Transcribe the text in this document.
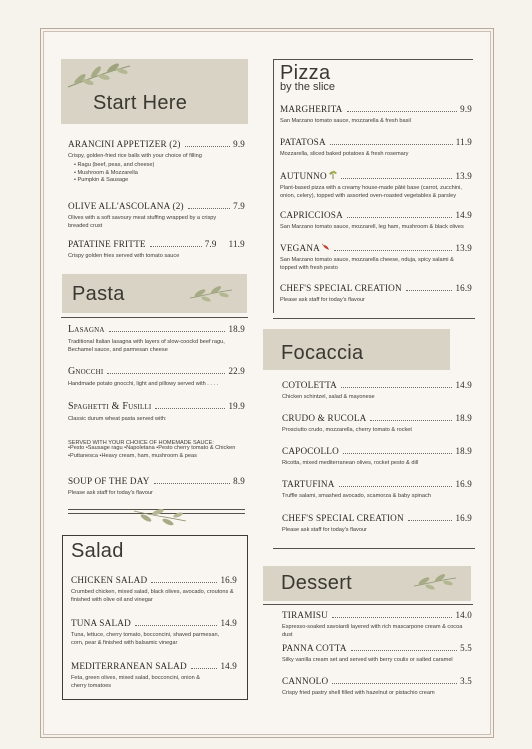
Start Here
ARANCINI APPETIZER (2)	9.9
Crispy, golden-fried rice balls with your choice of filling
• Ragu (beef, peas, and cheese)
• Mushroom & Mozzarella
• Pumpkin & Sausage
OLIVE ALL'ASCOLANA (2)	7.9
Olives with a soft savoury meat stuffing wrapped by a crispy breaded crust
PATATINE FRITTE	7.9 11.9
Crispy golden fries served with tomato sauce
Pasta
Lasagna	18.9
Traditional Italian lasagna with layers of slow-coockd beef ragu, Bechamel sauce, and parmesan cheese
Gnocchi	22.9
Handmade potato gnocchi, light and pillowy served with . . . .
Spaghetti & Fusilli	19.9
Classic durum wheat pasta served with:
SERVED WITH YOUR CHOICE OF HOMEMADE SAUCE:
•Pesto •Sausage ragu •Napoletana •Pesto cherry tomato & Chicken
•Puttanesca •Heavy cream, ham, mushroom & peas
SOUP OF THE DAY	8.9
Please ask staff for today's flavour
Salad
CHICKEN SALAD	16.9
Crumbed chicken, mixed salad, black olives, avocado, croutons & finished with olive oil and vinegar
TUNA SALAD	14.9
Tuna, lettuce, cherry tomato, bocconcini, shaved parmesan, corn, pear & finished with balsamic vinegar
MEDITERRANEAN SALAD	14.9
Feta, green olives, mixed salad, bocconcini, onion & cherry tomatoes
Pizza
by the slice
MARGHERITA	9.9
San Marzano tomato sauce, mozzarella & fresh basil
PATATOSA	11.9
Mozzarella, sliced baked potatoes & fresh rosemary
AUTUNNO	13.9
Plant-based pizza with a creamy house-made pâté base (carrot, zucchini, onion, celery), topped with assorted oven-roasted vegetables & parsley
CAPRICCIOSA	14.9
San Marzano tomato sauce, mozzarell, leg ham, mushroom & black olives
VEGANA	13.9
San Marzano tomato sauce, mozzarella cheese, nduja, spicy salami & topped with fresh pesto
CHEF'S SPECIAL CREATION	16.9
Please ask staff for today's flavour
Focaccia
COTOLETTA	14.9
Chicken schintzel, salad & mayonese
CRUDO & RUCOLA	18.9
Prosciutto crudo, mozzarella, cherry tomato & rocket
CAPOCOLLO	18.9
Ricotta, mixed mediterranean olives, rocket pesto & dill
TARTUFINA	16.9
Truffle salami, smashed avocado, scamorza & baby spinach
CHEF'S SPECIAL CREATION	16.9
Please ask staff for today's flavour
Dessert
TIRAMISU	14.0
Espresso-soaked savoiardi layered with rich mascarpone cream & cocoa dust
PANNA COTTA	5.5
Silky vanilla cream set and served with berry coulis or salted caramel
CANNOLO	3.5
Crispy fried pastry shell filled with hazelnut or pistachio cream
